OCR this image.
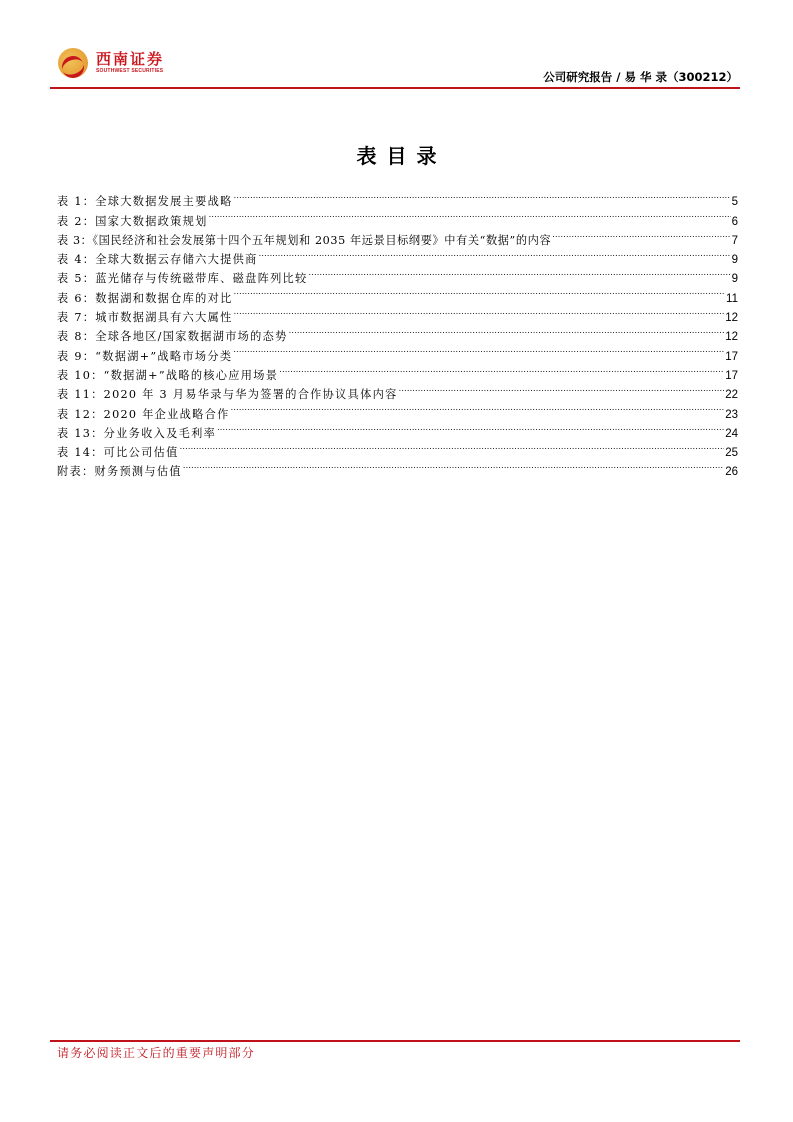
西南证券
SOUTHWEST SECURITIES	公司研究报告 / 易 华 录（300212）
表目录
表 1：全球大数据发展主要战略 .....	5
表 2：国家大数据政策规划 .....	6
表 3：《国民经济和社会发展第十四个五年规划和 2035 年远景目标纲要》中有关“数据”的内容 .....	7
表 4：全球大数据云存储六大提供商 .....	9
表 5：蓝光储存与传统磁带库、磁盘阵列比较 .....	9
表 6：数据湖和数据仓库的对比 .....	11
表 7：城市数据湖具有六大属性 .....	12
表 8：全球各地区/国家数据湖市场的态势 .....	12
表 9：“数据湖+”战略市场分类 .....	17
表 10：“数据湖+”战略的核心应用场景 .....	17
表 11：2020 年 3 月易华录与华为签署的合作协议具体内容 .....	22
表 12：2020 年企业战略合作 .....	23
表 13：分业务收入及毛利率 .....	24
表 14：可比公司估值 .....	25
附表：财务预测与估值 .....	26
请务必阅读正文后的重要声明部分
